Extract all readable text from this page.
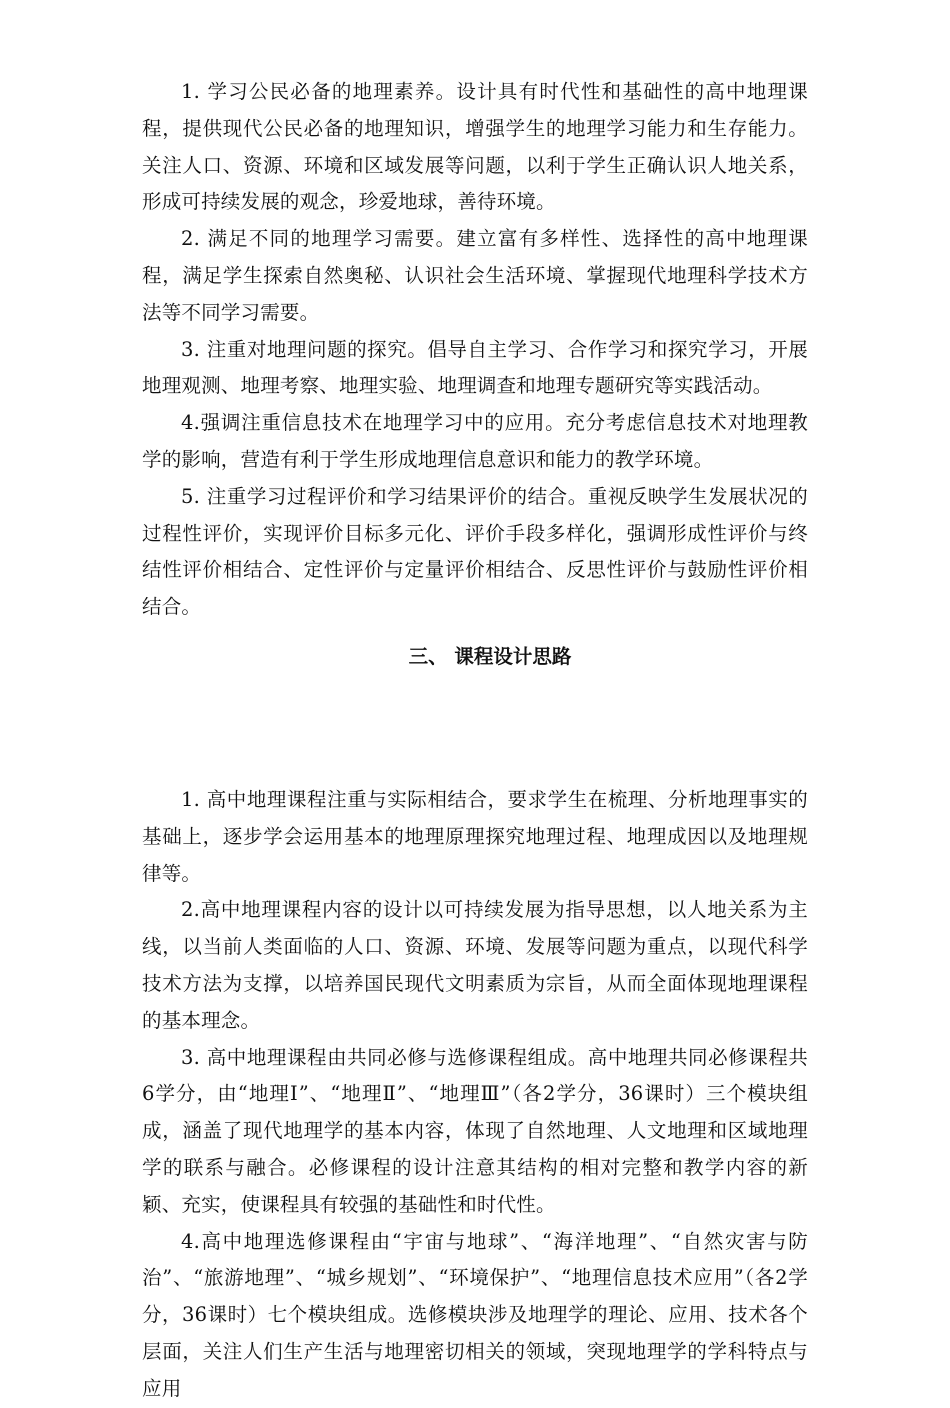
1. 学习公民必备的地理素养。设计具有时代性和基础性的高中地理课程，提供现代公民必备的地理知识，增强学生的地理学习能力和生存能力。关注人口、资源、环境和区域发展等问题，以利于学生正确认识人地关系，形成可持续发展的观念，珍爱地球，善待环境。

2. 满足不同的地理学习需要。建立富有多样性、选择性的高中地理课程，满足学生探索自然奥秘、认识社会生活环境、掌握现代地理科学技术方法等不同学习需要。

3. 注重对地理问题的探究。倡导自主学习、合作学习和探究学习，开展地理观测、地理考察、地理实验、地理调查和地理专题研究等实践活动。

4.强调注重信息技术在地理学习中的应用。充分考虑信息技术对地理教学的影响，营造有利于学生形成地理信息意识和能力的教学环境。

5. 注重学习过程评价和学习结果评价的结合。重视反映学生发展状况的过程性评价，实现评价目标多元化、评价手段多样化，强调形成性评价与终结性评价相结合、定性评价与定量评价相结合、反思性评价与鼓励性评价相结合。

三、 课程设计思路

1. 高中地理课程注重与实际相结合，要求学生在梳理、分析地理事实的基础上，逐步学会运用基本的地理原理探究地理过程、地理成因以及地理规律等。

2.高中地理课程内容的设计以可持续发展为指导思想，以人地关系为主线，以当前人类面临的人口、资源、环境、发展等问题为重点，以现代科学技术方法为支撑，以培养国民现代文明素质为宗旨，从而全面体现地理课程的基本理念。

3. 高中地理课程由共同必修与选修课程组成。高中地理共同必修课程共6学分，由“地理Ⅰ”、“地理Ⅱ”、“地理Ⅲ”（各2学分，36课时）三个模块组成，涵盖了现代地理学的基本内容，体现了自然地理、人文地理和区域地理学的联系与融合。必修课程的设计注意其结构的相对完整和教学内容的新颖、充实，使课程具有较强的基础性和时代性。

4.高中地理选修课程由“宇宙与地球”、“海洋地理”、“自然灾害与防治”、“旅游地理”、“城乡规划”、“环境保护”、“地理信息技术应用”（各2学分，36课时）七个模块组成。选修模块涉及地理学的理论、应用、技术各个层面，关注人们生产生活与地理密切相关的领域，突现地理学的学科特点与应用
